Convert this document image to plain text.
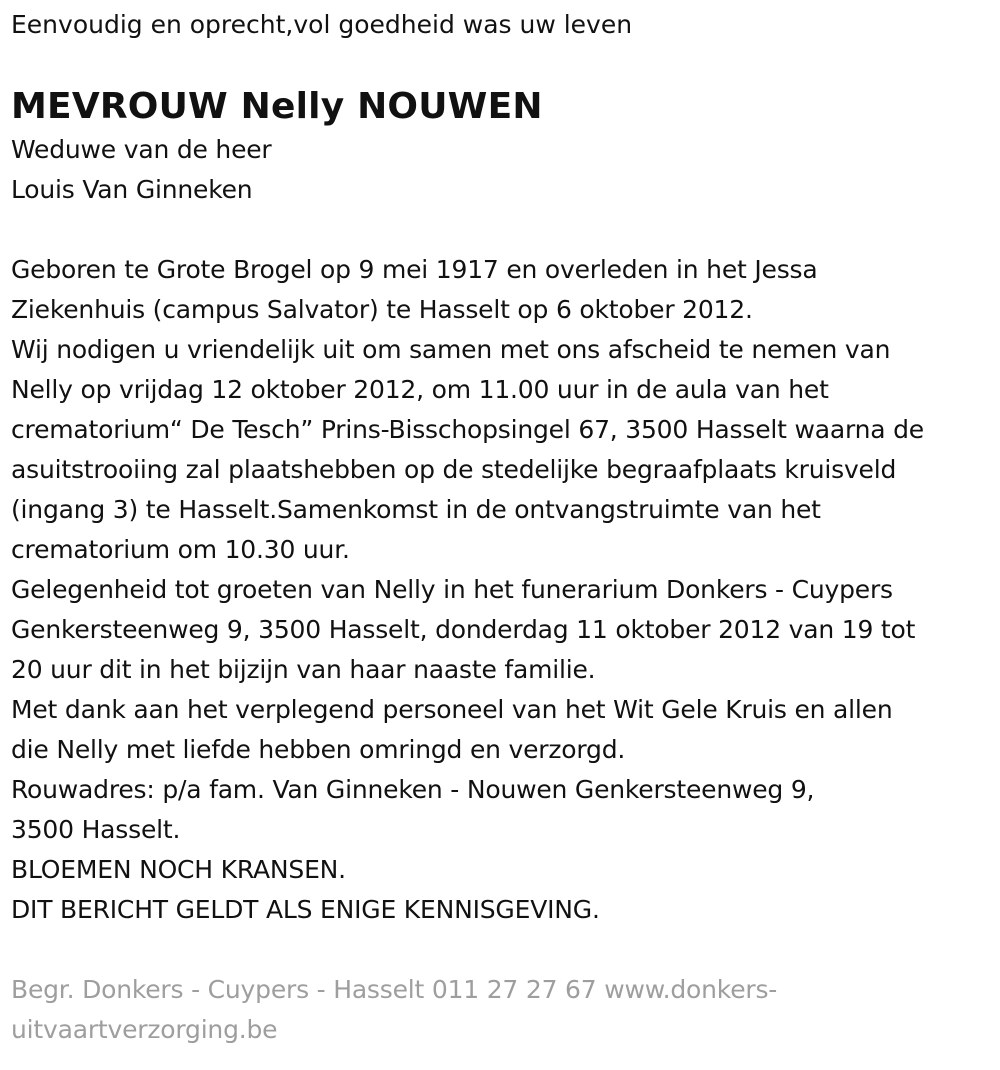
Eenvoudig en oprecht,vol goedheid was uw leven

MEVROUW Nelly NOUWEN

Weduwe van de heer

Louis Van Ginneken

Geboren te Grote Brogel op 9 mei 1917 en overleden in het Jessa

Ziekenhuis (campus Salvator) te Hasselt op 6 oktober 2012.

Wij nodigen u vriendelijk uit om samen met ons afscheid te nemen van

Nelly op vrijdag 12 oktober 2012, om 11.00 uur in de aula van het

crematorium“ De Tesch” Prins-Bisschopsingel 67, 3500 Hasselt waarna de

asuitstrooiing zal plaatshebben op de stedelijke begraafplaats kruisveld

(ingang 3) te Hasselt.Samenkomst in de ontvangstruimte van het

crematorium om 10.30 uur.

Gelegenheid tot groeten van Nelly in het funerarium Donkers - Cuypers

Genkersteenweg 9, 3500 Hasselt, donderdag 11 oktober 2012 van 19 tot

20 uur dit in het bijzijn van haar naaste familie.

Met dank aan het verplegend personeel van het Wit Gele Kruis en allen

die Nelly met liefde hebben omringd en verzorgd.

Rouwadres: p/a fam. Van Ginneken - Nouwen Genkersteenweg 9,

3500 Hasselt.

BLOEMEN NOCH KRANSEN.

DIT BERICHT GELDT ALS ENIGE KENNISGEVING.

Begr. Donkers - Cuypers - Hasselt 011 27 27 67 www.donkers-

uitvaartverzorging.be
